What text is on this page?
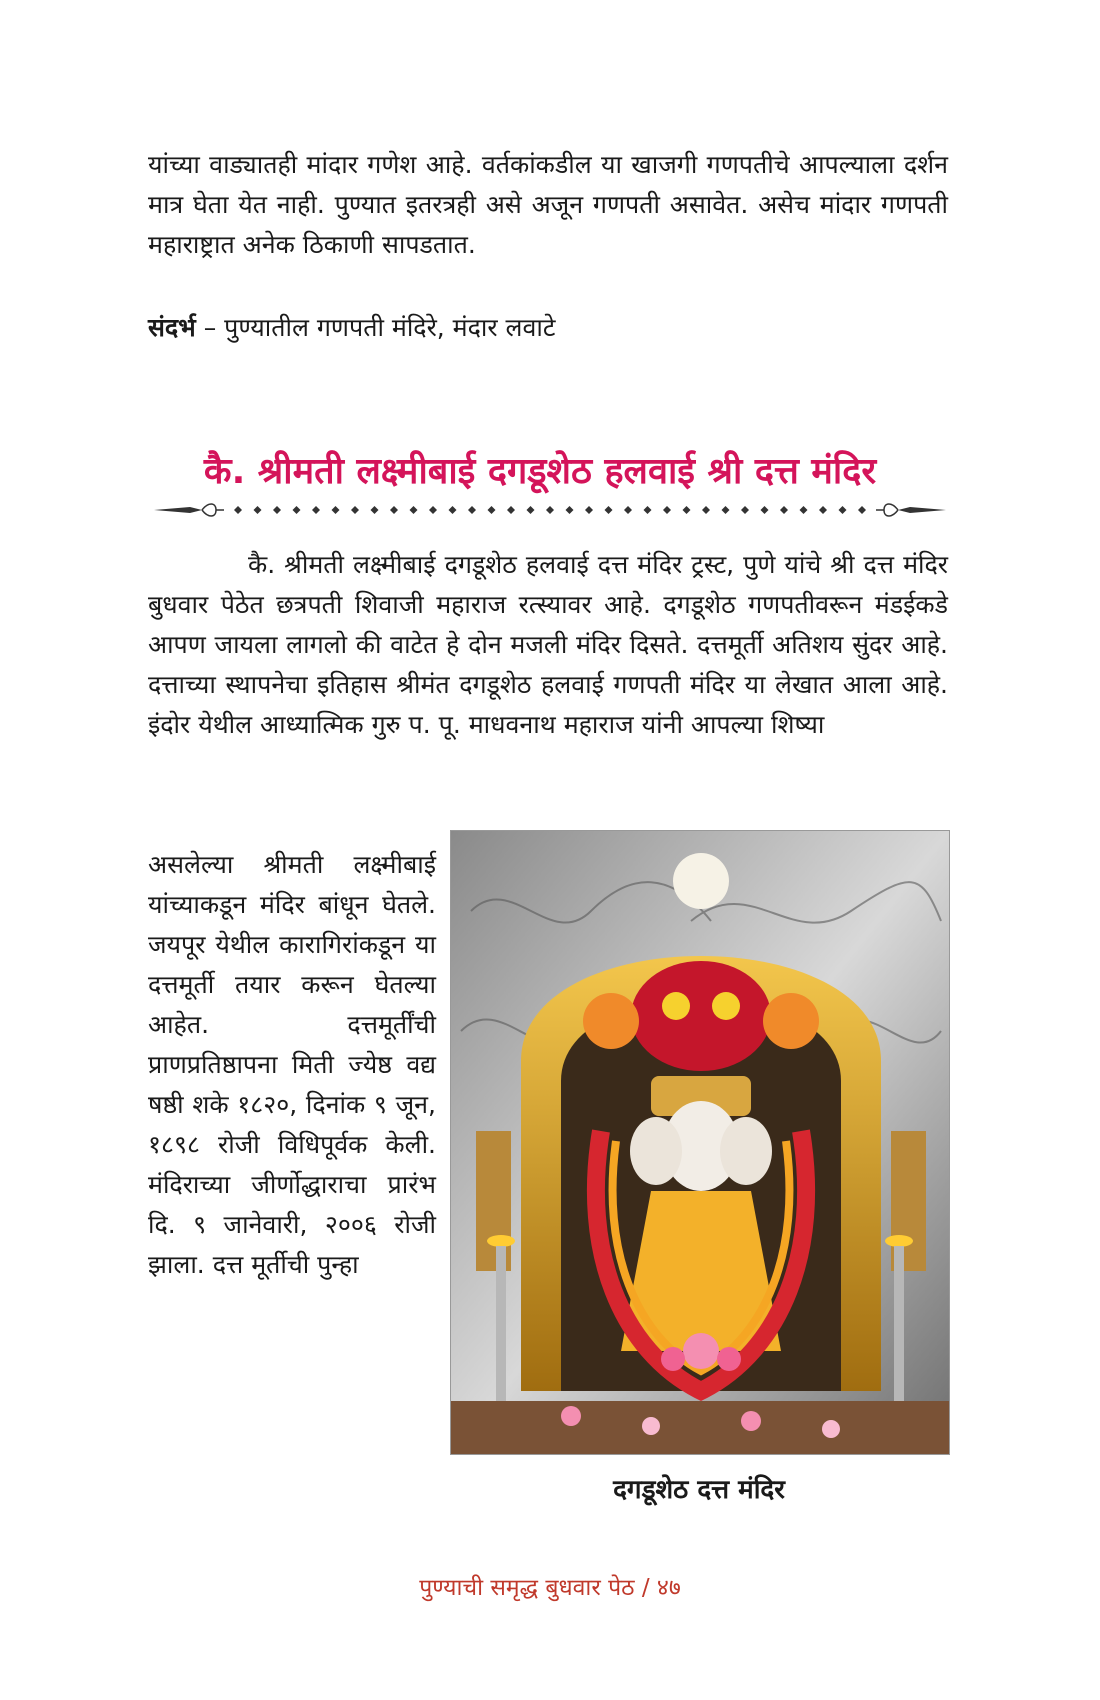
यांच्या वाड्यातही मांदार गणेश आहे. वर्तकांकडील या खाजगी गणपतीचे आपल्याला दर्शन मात्र घेता येत नाही. पुण्यात इतरत्रही असे अजून गणपती असावेत. असेच मांदार गणपती महाराष्ट्रात अनेक ठिकाणी सापडतात.

संदर्भ – पुण्यातील गणपती मंदिरे, मंदार लवाटे
कै. श्रीमती लक्ष्मीबाई दगडूशेठ हलवाई श्री दत्त मंदिर

कै. श्रीमती लक्ष्मीबाई दगडूशेठ हलवाई दत्त मंदिर ट्रस्ट, पुणे यांचे श्री दत्त मंदिर बुधवार पेठेत छत्रपती शिवाजी महाराज रत्स्यावर आहे. दगडूशेठ गणपतीवरून मंडईकडे आपण जायला लागलो की वाटेत हे दोन मजली मंदिर दिसते. दत्तमूर्ती अतिशय सुंदर आहे. दत्ताच्या स्थापनेचा इतिहास श्रीमंत दगडूशेठ हलवाई गणपती मंदिर या लेखात आला आहे. इंदोर येथील आध्यात्मिक गुरु प. पू. माधवनाथ महाराज यांनी आपल्या शिष्या

असलेल्या श्रीमती लक्ष्मीबाई यांच्याकडून मंदिर बांधून घेतले. जयपूर येथील कारागिरांकडून या दत्तमूर्ती तयार करून घेतल्या आहेत. दत्तमूर्तींची प्राणप्रतिष्ठापना मिती ज्येष्ठ वद्य षष्ठी शके १८२०, दिनांक ९ जून, १८९८ रोजी विधिपूर्वक केली. मंदिराच्या जीर्णोद्धाराचा प्रारंभ दि. ९ जानेवारी, २००६ रोजी झाला. दत्त मूर्तीची पुन्हा

दगडूशेठ दत्त मंदिर

पुण्याची समृद्ध बुधवार पेठ / ४७
